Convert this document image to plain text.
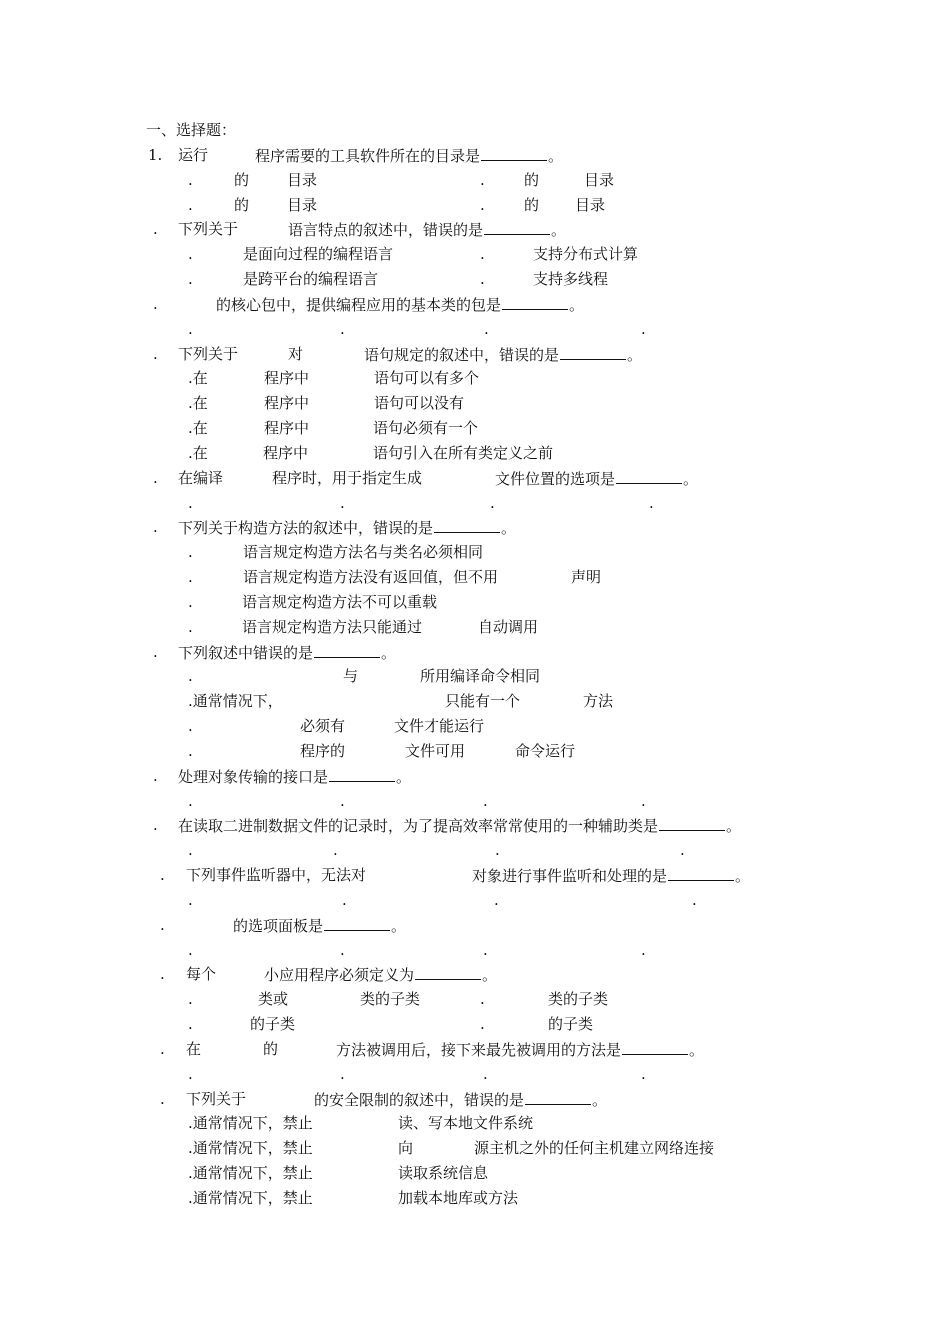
一、选择题：
1. 运行	程序需要的工具软件所在的目录是	。
.	的	目录	.	的	目录
.	的	目录	.	的 目录
. 下列关于	语言特点的叙述中，错误的是	。
.	是面向过程的编程语言	.	支持分布式计算
.	是跨平台的编程语言	.	支持多线程
.	的核心包中，提供编程应用的基本类的包是	。
.	.	.	.
. 下列关于	对	语句规定的叙述中，错误的是	。
.在	程序中	语句可以有多个
.在	程序中	语句可以没有
.在	程序中	语句必须有一个
.在	程序中	语句引入在所有类定义之前
. 在编译	程序时，用于指定生成	文件位置的选项是	。
.	.	.	.
. 下列关于构造方法的叙述中，错误的是	。
.	语言规定构造方法名与类名必须相同
.	语言规定构造方法没有返回值，但不用	声明
.	语言规定构造方法不可以重载
.	语言规定构造方法只能通过	自动调用
. 下列叙述中错误的是	。
.	与	所用编译命令相同
.通常情况下，	只能有一个	方法
.	必须有	文件才能运行
.	程序的	文件可用	命令运行
. 处理对象传输的接口是	。
.	.	.	.
. 在读取二进制数据文件的记录时，为了提高效率常常使用的一种辅助类是	。
.	.	.	.
. 下列事件监听器中，无法对	对象进行事件监听和处理的是	。
.	.	.	.
.	的选项面板是	。
.	.	.	.
. 每个	小应用程序必须定义为	。
.	类或	类的子类	.	类的子类
.	的子类	.	的子类
. 在	的	方法被调用后，接下来最先被调用的方法是	。
.	.	.	.
. 下列关于	的安全限制的叙述中，错误的是	。
.通常情况下，禁止	读、写本地文件系统
.通常情况下，禁止	向	源主机之外的任何主机建立网络连接
.通常情况下，禁止	读取系统信息
.通常情况下，禁止	加载本地库或方法
